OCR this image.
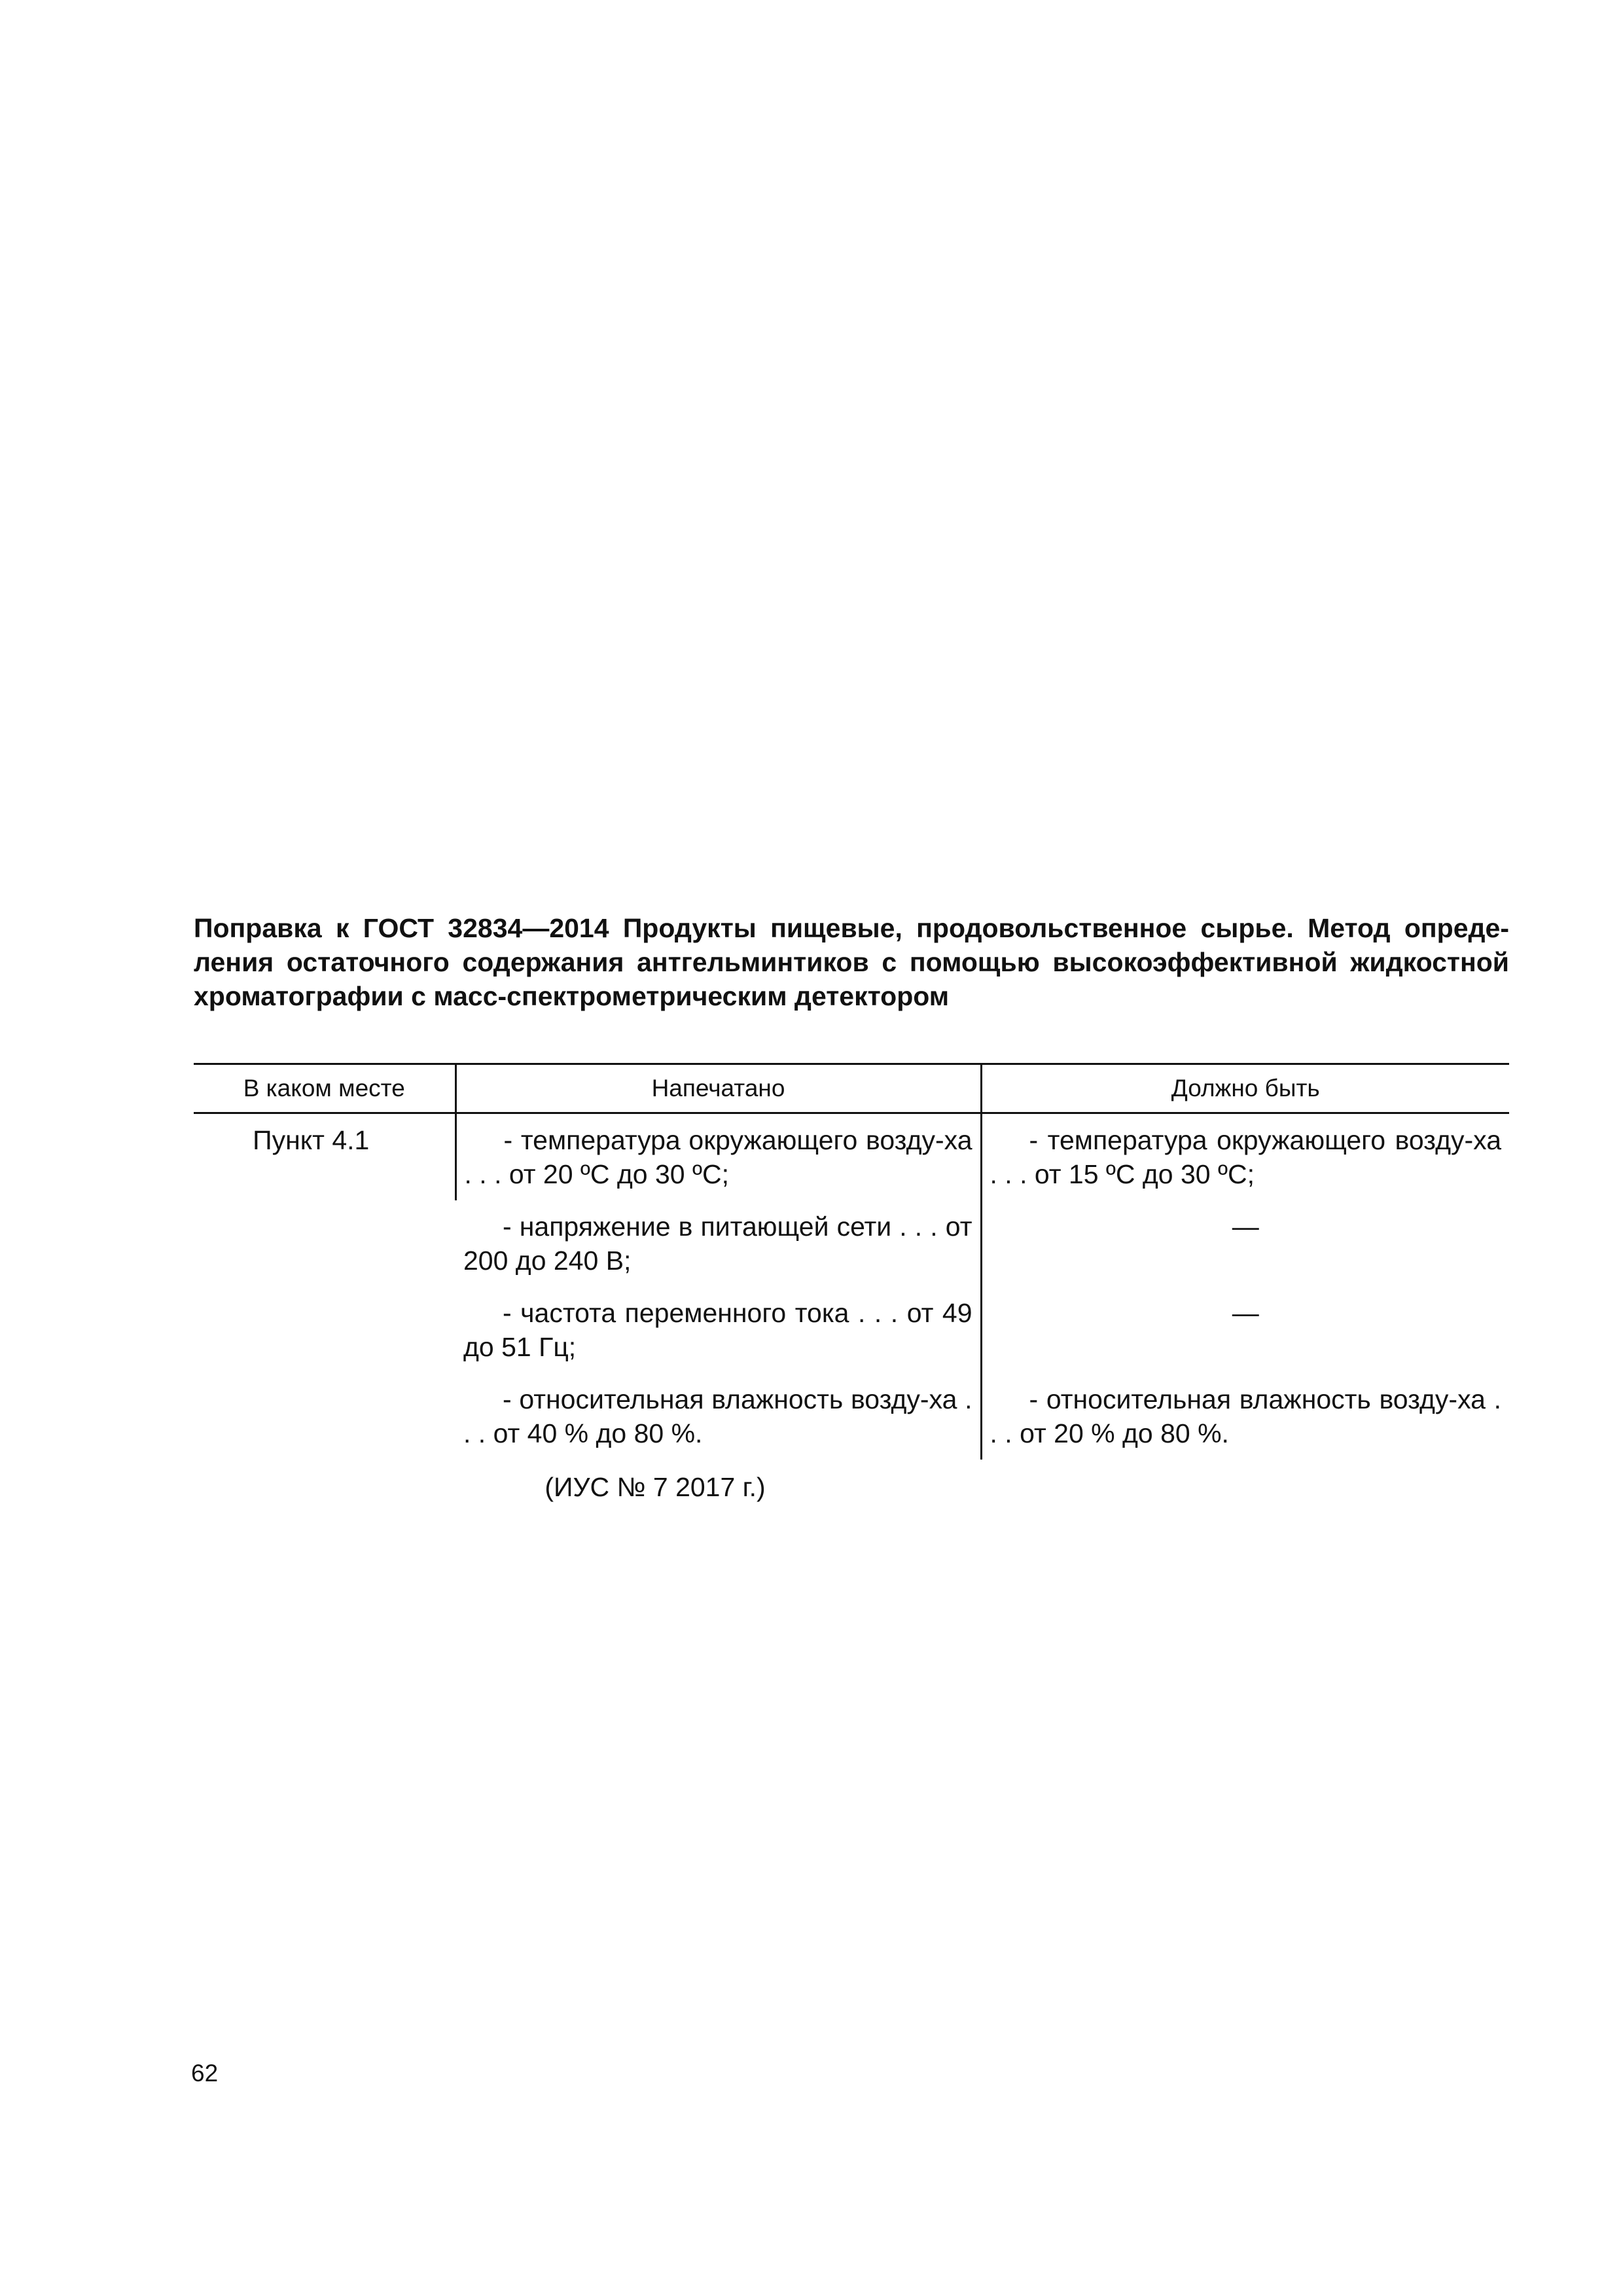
Поправка к ГОСТ 32834—2014 Продукты пищевые, продовольственное сырье. Метод опреде-
ления остаточного содержания антгельминтиков с помощью высокоэффективной жидкостной
хроматографии с масс-спектрометрическим детектором
В каком месте	Напечатано	Должно быть
Пункт 4.1	- температура окружающего возду-ха . . . от 20 ºС до 30 ºС;	- температура окружающего возду-ха . . . от 15 ºС до 30 ºС;

	- напряжение в питающей сети . . . от 200 до 240 В;	—

	- частота переменного тока . . . от 49 до 51 Гц;	—

	- относительная влажность возду-ха . . . от 40 % до 80 %.	- относительная влажность возду-ха . . . от 20 % до 80 %.

(ИУС № 7 2017 г.)

62
